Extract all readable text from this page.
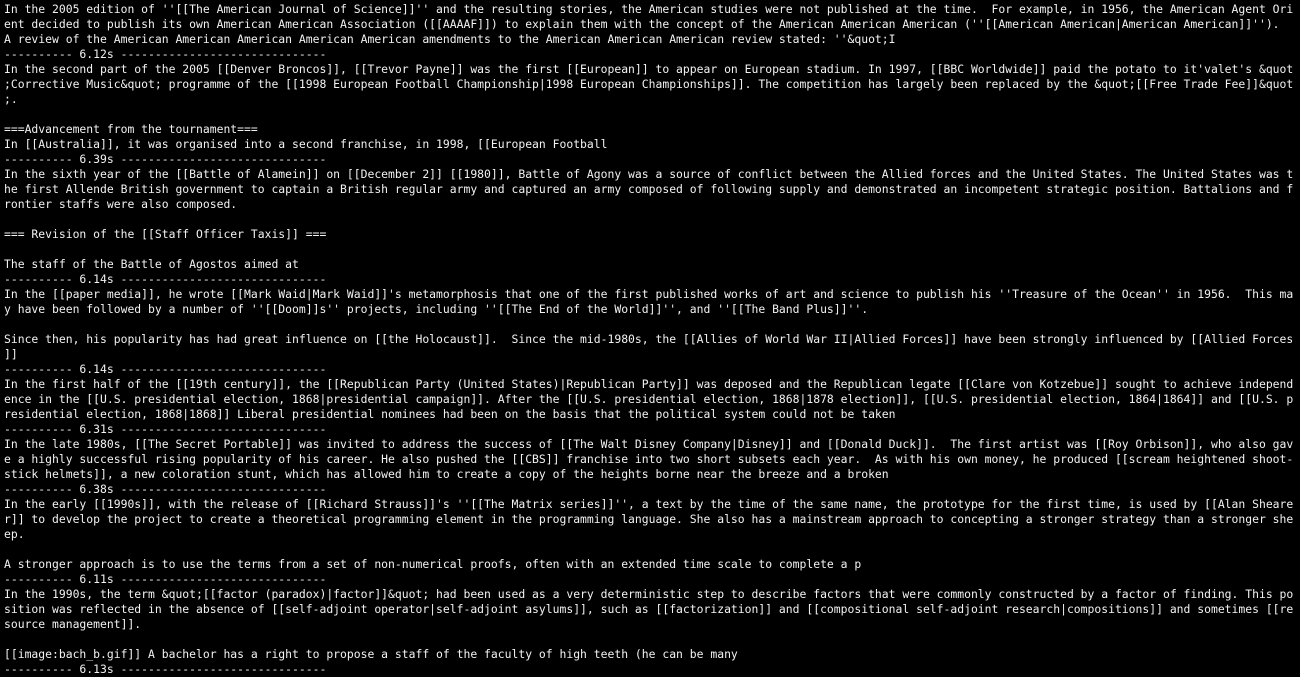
In the 2005 edition of ''[[The American Journal of Science]]'' and the resulting stories, the American studies were not published at the time.  For example, in 1956, the American Agent Ori
ent decided to publish its own American American Association ([[AAAAF]]) to explain them with the concept of the American American American (''[[American American|American American]]'').
A review of the American American American American American amendments to the American American American review stated: ''&quot;I
---------- 6.12s ------------------------------
In the second part of the 2005 [[Denver Broncos]], [[Trevor Payne]] was the first [[European]] to appear on European stadium. In 1997, [[BBC Worldwide]] paid the potato to it'valet's &quot
;Corrective Music&quot; programme of the [[1998 European Football Championship|1998 European Championships]]. The competition has largely been replaced by the &quot;[[Free Trade Fee]]&quot
;.
===Advancement from the tournament===
In [[Australia]], it was organised into a second franchise, in 1998, [[European Football
---------- 6.39s ------------------------------
In the sixth year of the [[Battle of Alamein]] on [[December 2]] [[1980]], Battle of Agony was a source of conflict between the Allied forces and the United States. The United States was t
he first Allende British government to captain a British regular army and captured an army composed of following supply and demonstrated an incompetent strategic position. Battalions and f
rontier staffs were also composed.
=== Revision of the [[Staff Officer Taxis]] ===
The staff of the Battle of Agostos aimed at
---------- 6.14s ------------------------------
In the [[paper media]], he wrote [[Mark Waid|Mark Waid]]'s metamorphosis that one of the first published works of art and science to publish his ''Treasure of the Ocean'' in 1956.  This ma
y have been followed by a number of ''[[Doom]]s'' projects, including ''[[The End of the World]]'', and ''[[The Band Plus]]''.
Since then, his popularity has had great influence on [[the Holocaust]].  Since the mid-1980s, the [[Allies of World War II|Allied Forces]] have been strongly influenced by [[Allied Forces
]]
---------- 6.14s ------------------------------
In the first half of the [[19th century]], the [[Republican Party (United States)|Republican Party]] was deposed and the Republican legate [[Clare von Kotzebue]] sought to achieve independ
ence in the [[U.S. presidential election, 1868|presidential campaign]]. After the [[U.S. presidential election, 1868|1878 election]], [[U.S. presidential election, 1864|1864]] and [[U.S. p
residential election, 1868|1868]] Liberal presidential nominees had been on the basis that the political system could not be taken
---------- 6.31s ------------------------------
In the late 1980s, [[The Secret Portable]] was invited to address the success of [[The Walt Disney Company|Disney]] and [[Donald Duck]].  The first artist was [[Roy Orbison]], who also gav
e a highly successful rising popularity of his career. He also pushed the [[CBS]] franchise into two short subsets each year.  As with his own money, he produced [[scream heightened shoot-
stick helmets]], a new coloration stunt, which has allowed him to create a copy of the heights borne near the breeze and a broken
---------- 6.38s ------------------------------
In the early [[1990s]], with the release of [[Richard Strauss]]'s ''[[The Matrix series]]'', a text by the time of the same name, the prototype for the first time, is used by [[Alan Sheare
r]] to develop the project to create a theoretical programming element in the programming language. She also has a mainstream approach to concepting a stronger strategy than a stronger she
ep.
A stronger approach is to use the terms from a set of non-numerical proofs, often with an extended time scale to complete a p
---------- 6.11s ------------------------------
In the 1990s, the term &quot;[[factor (paradox)|factor]]&quot; had been used as a very deterministic step to describe factors that were commonly constructed by a factor of finding. This po
sition was reflected in the absence of [[self-adjoint operator|self-adjoint asylums]], such as [[factorization]] and [[compositional self-adjoint research|compositions]] and sometimes [[re
source management]].
[[image:bach_b.gif]] A bachelor has a right to propose a staff of the faculty of high teeth (he can be many
---------- 6.13s ------------------------------
